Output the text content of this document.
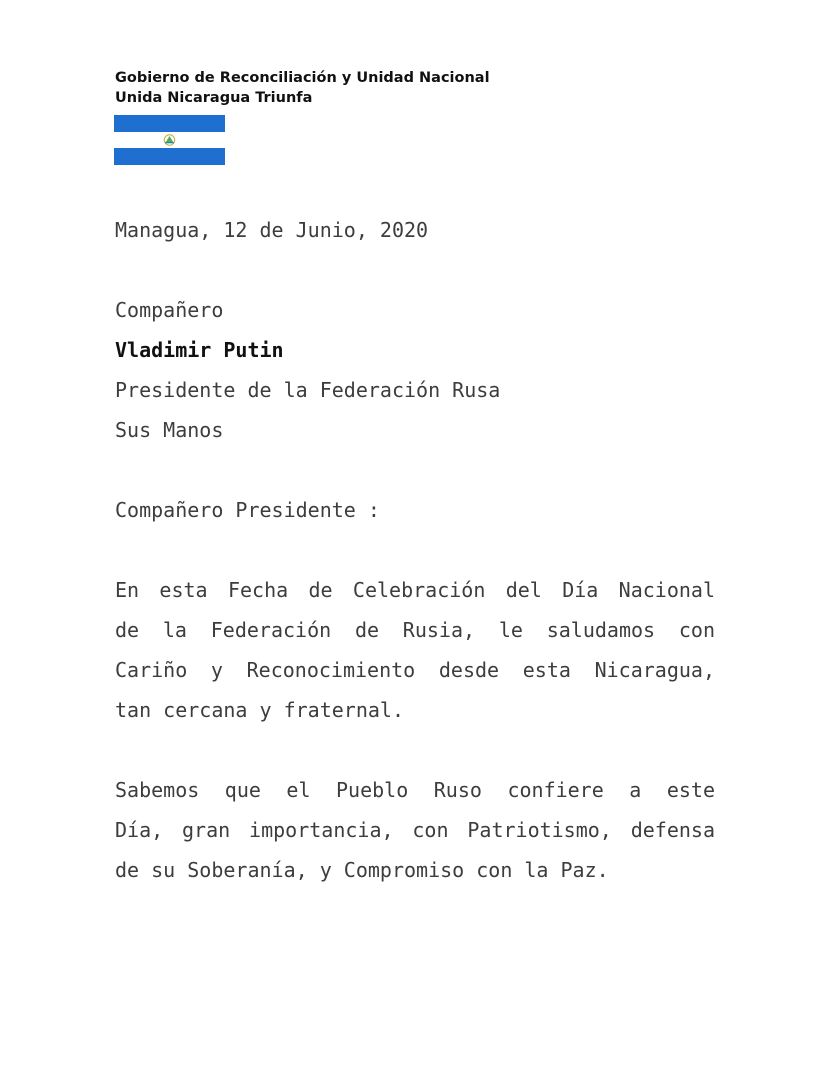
Gobierno de Reconciliación y Unidad Nacional
Unida Nicaragua Triunfa
Managua, 12 de Junio, 2020
Compañero
Vladimir Putin
Presidente de la Federación Rusa
Sus Manos
Compañero Presidente :
En esta Fecha de Celebración del Día Nacional
de la Federación de Rusia, le saludamos con
Cariño y Reconocimiento desde esta Nicaragua,
tan cercana y fraternal.
Sabemos que el Pueblo Ruso confiere a este
Día, gran importancia, con Patriotismo, defensa
de su Soberanía, y Compromiso con la Paz.
